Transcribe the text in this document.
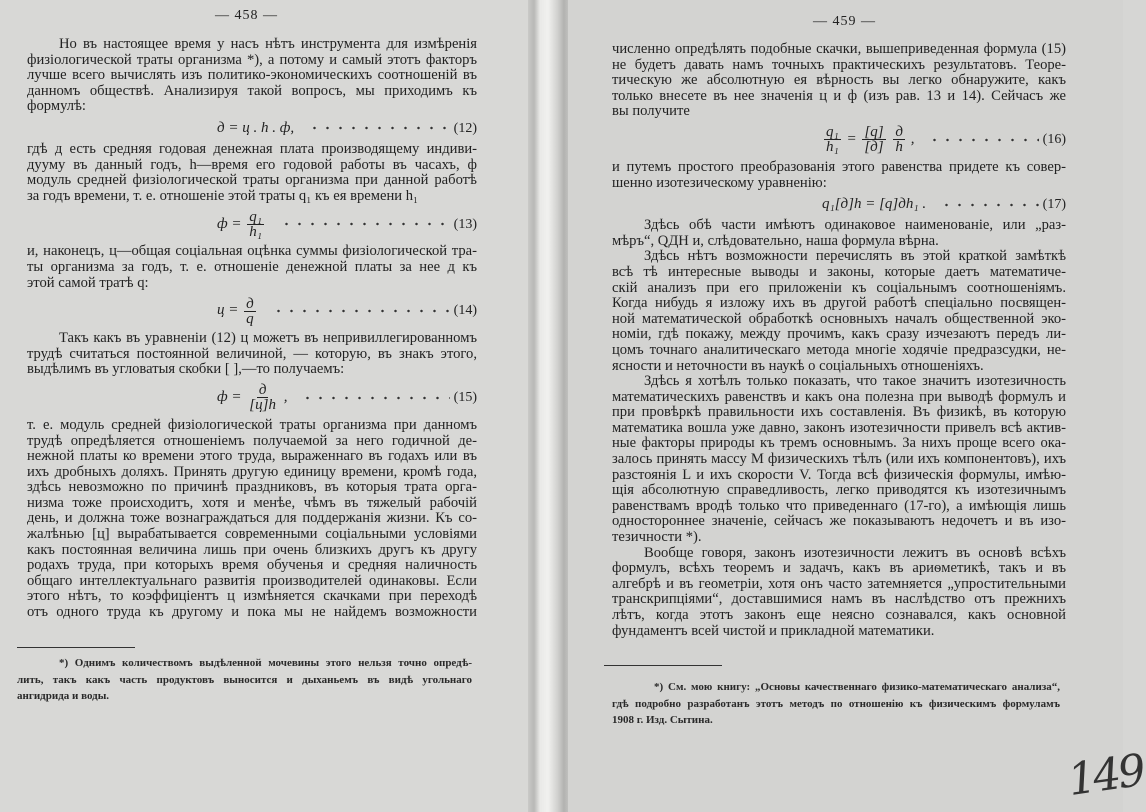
— 458 —
Но въ настоящее время у насъ нѣтъ инструмента для измѣренія
физіологической траты организма *), а потому и самый этотъ факторъ
лучше всего вычислять изъ политико-экономическихъ соотношеній въ
данномъ обществѣ. Анализируя такой вопросъ, мы приходимъ къ
формулѣ:
д = ц . h . ф,	(12)
гдѣ д есть средняя годовая денежная плата производящему индиви-
дууму въ данный годъ, h—время его годовой работы въ часахъ, ф
модуль средней физіологической траты организма при данной работѣ
за годъ времени, т. е. отношеніе этой траты q₁ къ ея времени h₁
$ф = \frac{\text{q₁}}{\text{h₁}}$	(13)
и, наконецъ, ц—общая соціальная оцѣнка суммы физіологической тра-
ты организма за годъ, т. е. отношеніе денежной платы за нее д къ
этой самой тратѣ q:
$ц = \frac{д}{q}$	(14)
Такъ какъ въ уравненіи (12) ц можетъ въ непривиллегированномъ
трудѣ считаться постоянной величиной, — которую, въ знакъ этого,
выдѣлимъ въ угловатыя скобки [ ],—то получаемъ:
$ф = \frac{д}{[ц]h}$ ,	(15)
т. е. модуль средней физіологической траты организма при данномъ
трудѣ опредѣляется отношеніемъ получаемой за него годичной де-
нежной платы ко времени этого труда, выраженнаго въ годахъ или въ
ихъ дробныхъ доляхъ. Принять другую единицу времени, кромѣ года,
здѣсь невозможно по причинѣ праздниковъ, въ которыя трата орга-
низма тоже происходитъ, хотя и менѣе, чѣмъ въ тяжелый рабочій
день, и должна тоже вознаграждаться для поддержанія жизни. Къ со-
жалѣнью [ц] вырабатывается современными соціальными условіями
какъ постоянная величина лишь при очень близкихъ другъ къ другу
родахъ труда, при которыхъ время обученья и средняя наличность
общаго интеллектуальнаго развитія производителей одинаковы. Если
этого нѣтъ, то коэффиціентъ ц измѣняется скачками при переходѣ
отъ одного труда къ другому и пока мы не найдемъ возможности
*) Однимъ количествомъ выдѣленной мочевины этого нельзя точно опредѣ-
лить, такъ какъ часть продуктовъ выносится и дыханьемъ въ видѣ угольнаго
ангидрида и воды.
— 459 —
численно опредѣлять подобные скачки, вышеприведенная формула (15)
не будетъ давать намъ точныхъ практическихъ результатовъ. Теоре-
тическую же абсолютную ея вѣрность вы легко обнаружите, какъ
только внесете въ нее значенія ц и ф (изъ рав. 13 и 14). Сейчасъ же
вы получите
$\frac{\text{q₁}}{\text{h₁}} = \frac{[q]}{[д]}$
$\frac{д}{h}$ ,	(16)
и путемъ простого преобразованія этого равенства придете къ совер-
шенно изотезическому уравненію:
q₁[д]h = [q]дh₁ .	(17)
Здѣсь обѣ части имѣютъ одинаковое наименованіе, или „раз-
мѣръ“, QДН и, слѣдовательно, наша формула вѣрна.
Здѣсь нѣтъ возможности перечислять въ этой краткой замѣткѣ
всѣ тѣ интересные выводы и законы, которые даетъ математиче-
скій анализъ при его приложеніи къ соціальнымъ соотношеніямъ.
Когда нибудь я изложу ихъ въ другой работѣ спеціально посвящен-
ной математической обработкѣ основныхъ началъ общественной эко-
номіи, гдѣ покажу, между прочимъ, какъ сразу изчезаютъ передъ ли-
цомъ точнаго аналитическаго метода многіе ходячіе предразсудки, не-
ясности и неточности въ наукѣ о соціальныхъ отношеніяхъ.
Здѣсь я хотѣлъ только показать, что такое значитъ изотезичность
математическихъ равенствъ и какъ она полезна при выводѣ формулъ и
при провѣркѣ правильности ихъ составленія. Въ физикѣ, въ которую
математика вошла уже давно, законъ изотезичности привелъ всѣ актив-
ные факторы природы къ тремъ основнымъ. За нихъ проще всего ока-
залось принять массу M физическихъ тѣлъ (или ихъ компонентовъ), ихъ
разстоянія L и ихъ скорости V. Тогда всѣ физическія формулы, имѣю-
щія абсолютную справедливость, легко приводятся къ изотезичнымъ
равенствамъ вродѣ только что приведеннаго (17-го), а имѣющія лишь
одностороннее значеніе, сейчасъ же показываютъ недочетъ и въ изо-
тезичности *).
Вообще говоря, законъ изотезичности лежитъ въ основѣ всѣхъ
формулъ, всѣхъ теоремъ и задачъ, какъ въ ариѳметикѣ, такъ и въ
алгебрѣ и въ геометріи, хотя онъ часто затемняется „упростительными
транскрипціями“, доставшимися намъ въ наслѣдство отъ прежнихъ
лѣтъ, когда этотъ законъ еще неясно сознавался, какъ основной
фундаментъ всей чистой и прикладной математики.
*) См. мою книгу: „Основы качественнаго физико-математическаго анализа“,
гдѣ подробно разработанъ этотъ методъ по отношенію къ физическимъ формуламъ
1908 г. Изд. Сытина.
149
